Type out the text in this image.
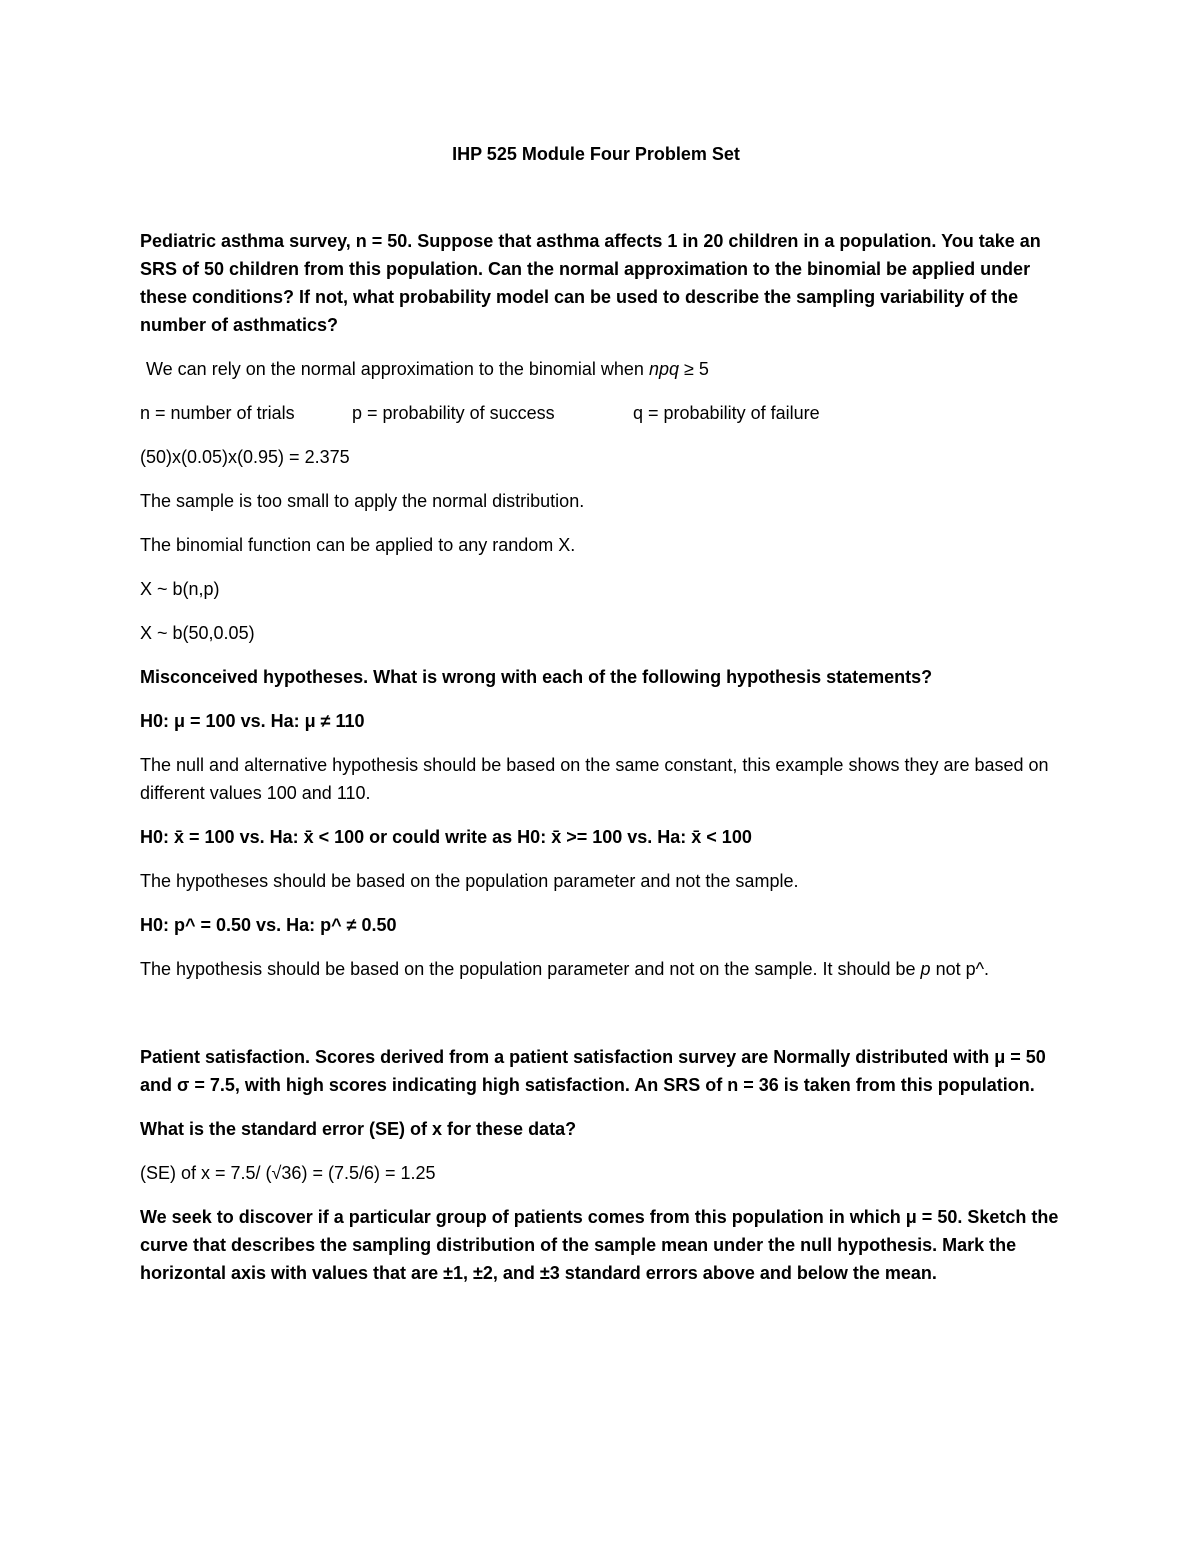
IHP 525 Module Four Problem Set

Pediatric asthma survey, n = 50. Suppose that asthma affects 1 in 20 children in a population. You take an SRS of 50 children from this population. Can the normal approximation to the binomial be applied under these conditions? If not, what probability model can be used to describe the sampling variability of the number of asthmatics?

We can rely on the normal approximation to the binomial when npq ≥ 5

n = number of trials	p = probability of success	q = probability of failure

(50)x(0.05)x(0.95) = 2.375

The sample is too small to apply the normal distribution.

The binomial function can be applied to any random X.

X ~ b(n,p)

X ~ b(50,0.05)

Misconceived hypotheses. What is wrong with each of the following hypothesis statements?

H0: μ = 100 vs. Ha: μ ≠ 110

The null and alternative hypothesis should be based on the same constant, this example shows they are based on different values 100 and 110.

H0: x̄ = 100 vs. Ha: x̄ < 100 or could write as H0: x̄ >= 100 vs. Ha: x̄ < 100

The hypotheses should be based on the population parameter and not the sample.

H0: p^ = 0.50 vs. Ha: p^ ≠ 0.50

The hypothesis should be based on the population parameter and not on the sample. It should be p not p^.

Patient satisfaction. Scores derived from a patient satisfaction survey are Normally distributed with μ = 50 and σ = 7.5, with high scores indicating high satisfaction. An SRS of n = 36 is taken from this population.

What is the standard error (SE) of x for these data?

(SE) of x = 7.5/ (√36) = (7.5/6) = 1.25

We seek to discover if a particular group of patients comes from this population in which μ = 50. Sketch the curve that describes the sampling distribution of the sample mean under the null hypothesis. Mark the horizontal axis with values that are ±1, ±2, and ±3 standard errors above and below the mean.
